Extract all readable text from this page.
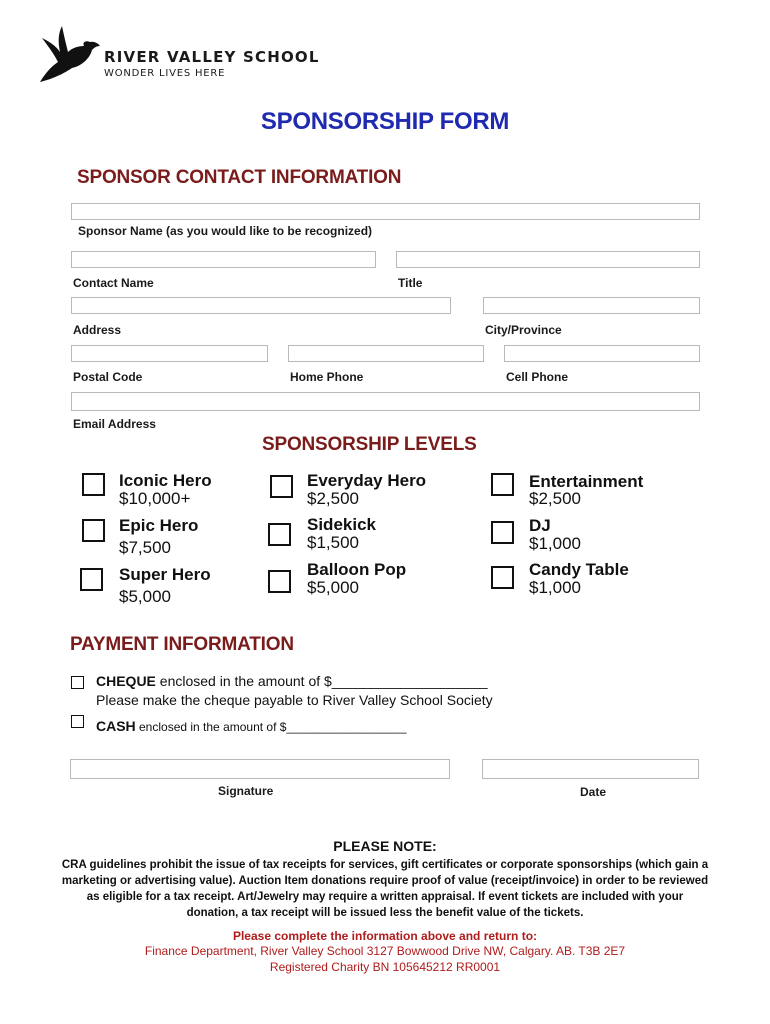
RIVER VALLEY SCHOOL
WONDER LIVES HERE
SPONSORSHIP FORM
SPONSOR CONTACT INFORMATION
Sponsor Name (as you would like to be recognized)
Contact Name	Title
Address	City/Province
Postal Code	Home Phone	Cell Phone
Email Address
SPONSORSHIP LEVELS
Iconic Hero
$10,000+
Epic Hero
$7,500
Super Hero
$5,000
Everyday Hero
$2,500
Sidekick
$1,500
Balloon Pop
$5,000
Entertainment
$2,500
DJ
$1,000
Candy Table
$1,000
PAYMENT INFORMATION
CHEQUE enclosed in the amount of $____________________
Please make the cheque payable to River Valley School Society
CASH enclosed in the amount of $__________________
Signature	Date
PLEASE NOTE:
CRA guidelines prohibit the issue of tax receipts for services, gift certificates or corporate sponsorships (which gain a marketing or advertising value). Auction Item donations require proof of value (receipt/invoice) in order to be reviewed as eligible for a tax receipt. Art/Jewelry may require a written appraisal. If event tickets are included with your donation, a tax receipt will be issued less the benefit value of the tickets.
Please complete the information above and return to:
Finance Department, River Valley School 3127 Bowwood Drive NW, Calgary. AB. T3B 2E7
Registered Charity BN 105645212 RR0001
